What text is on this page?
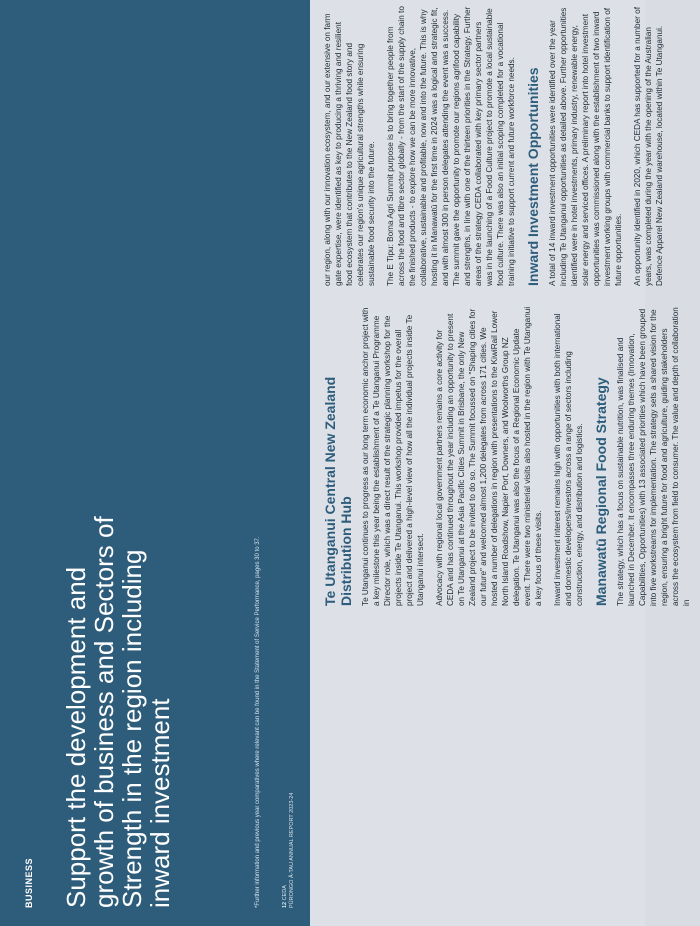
BUSINESS Support the development and growth of business and Sectors of Strength in the region including inward investment	*Further information and previous year comparatives where relevant can be found in the Statement of Service Performance, pages 30 to 37.	12 CEDA
PŪRONGO Ā-TAU ANNUAL REPORT 2023-24
Te Utanganui Central New Zealand Distribution Hub Te Utanganui continues to progress as our long term economic anchor project with a key milestone this year being the establishment of a Te Utanganui Programme Director role, which was a direct result of the strategic planning workshop for the projects inside Te Utanganui. This workshop provided impetus for the overall project and delivered a high-level view of how all the individual projects inside Te Utanganui intersect. Advocacy with regional local government partners remains a core activity for CEDA and has continued throughout the year including an opportunity to present on Te Utanganui at the Asia Pacific Cities Summit in Brisbane, the only New Zealand project to be invited to do so. The Summit focussed on "Shaping cities for our future" and welcomed almost 1,200 delegates from across 171 cities. We hosted a number of delegations in region with presentations to the KiwiRail Lower North Island Roadshow, Napier Port, Downers, and Woolworths Group NZ delegation. Te Utanganui was also the focus of a Regional Economic Update event. There were two ministerial visits also hosted in the region with Te Utanganui a key focus of these visits. Inward investment interest remains high with opportunities with both international and domestic developers/investors across a range of sectors including construction, energy, and distribution and logistics. Manawatū Regional Food Strategy The strategy, which has a focus on sustainable nutrition, was finalised and launched in December. It encompasses three enduring themes (Innovation, Capabilities, Opportunities) with 13 associated priorities which have been grouped into five workstreams for implementation. The strategy sets a shared vision for the region, ensuring a bright future for food and agriculture, guiding stakeholders across the ecosystem from field to consumer. The value and depth of collaboration in

our region, along with our innovation ecosystem, and our extensive on farm gate expertise, were identified as key to producing a thriving and resilient food ecosystem that contributes to the New Zealand food story and celebrates our region's unique agricultural strengths while ensuring sustainable food security into the future. The E Tipu: Boma Agri Summit purpose is to bring together people from across the food and fibre sector globally - from the start of the supply chain to the finished products - to explore how we can be more innovative, collaborative, sustainable and profitable, now and into the future. This is why hosting it in Manawatū for the first time in 2024 was a logical and strategic fit, and with almost 300 in person delegates attending the event was a success. The summit gave the opportunity to promote our regions agrifood capability and strengths, in line with one of the thirteen priorities in the Strategy. Further areas of the strategy CEDA collaborated with key primary sector partners was in the launching of a Food Culture project to promote a local sustainable food culture. There was also an initial scoping completed for a vocational training initiative to support current and future workforce needs. Inward Investment Opportunities A total of 14 inward investment opportunities were identified over the year including Te Utanganui opportunities as detailed above. Further opportunities identified were in hotel investments, primary industry, renewable energy, solar energy and serviced offices. A preliminary report into hotel investment opportunities was commissioned along with the establishment of two inward investment working groups with commercial banks to support identification of future opportunities. An opportunity identified in 2020, which CEDA has supported for a number of years, was completed during the year with the opening of the Australian Defence Apparel New Zealand warehouse, located within Te Utanganui.
